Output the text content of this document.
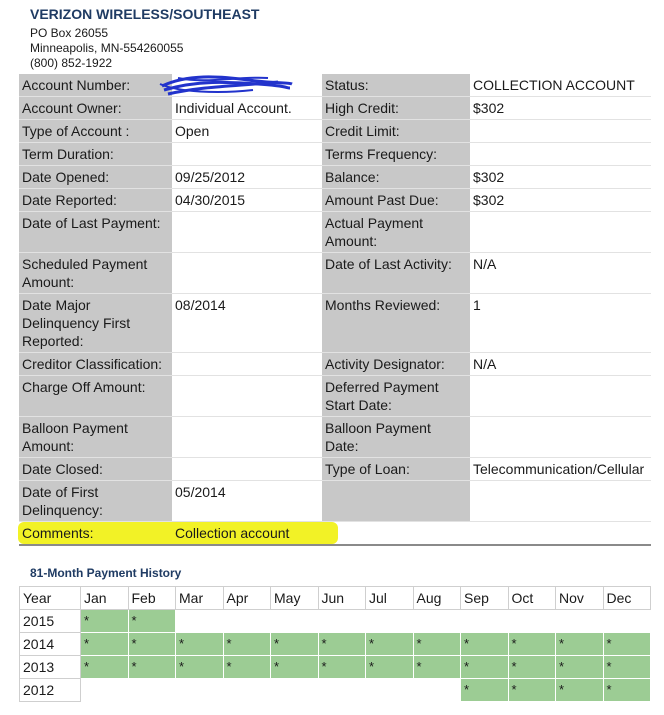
VERIZON WIRELESS/SOUTHEAST
PO Box 26055
Minneapolis, MN-554260055
(800) 852-1922
Account Number:		Status:	COLLECTION ACCOUNT
Account Owner:	Individual Account.	High Credit:	$302
Type of Account :	Open	Credit Limit:	
Term Duration:		Terms Frequency:	
Date Opened:	09/25/2012	Balance:	$302
Date Reported:	04/30/2015	Amount Past Due:	$302
Date of Last Payment:		Actual Payment Amount:	
Scheduled Payment Amount:		Date of Last Activity:	N/A
Date Major Delinquency First Reported:	08/2014	Months Reviewed:	1
Creditor Classification:		Activity Designator:	N/A
Charge Off Amount:		Deferred Payment Start Date:	
Balloon Payment Amount:		Balloon Payment Date:	
Date Closed:		Type of Loan:	Telecommunication/Cellular
Date of First Delinquency:	05/2014		
Comments:	Collection account		
81-Month Payment History
Year	Jan	Feb	Mar	Apr	May	Jun	Jul	Aug	Sep	Oct	Nov	Dec
2015	*	*										
2014	*	*	*	*	*	*	*	*	*	*	*	*
2013	*	*	*	*	*	*	*	*	*	*	*	*
2012									*	*	*	*
